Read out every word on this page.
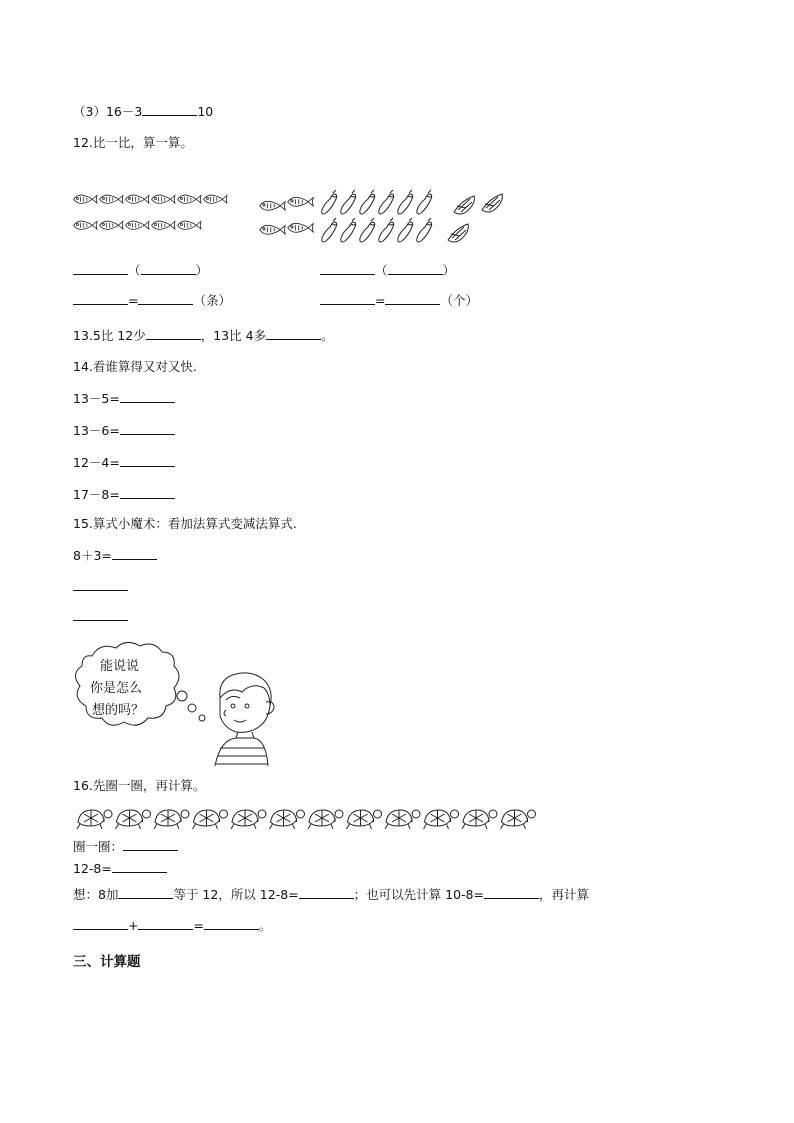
（3）16－3	10
12.比一比，算一算。
（	）	（	）
=	（条）	=	（个）
13.5比 12少	，13比 4多	。
14.看谁算得又对又快.
13－5=
13－6=
12－4=
17－8=
15.算式小魔术：看加法算式变减法算式.
8＋3=
能说说
你是怎么
想的吗？
16.先圈一圈，再计算。
圈一圈：
12-8=
想：8加	等于 12，所以 12-8=	；也可以先计算 10-8=	，再计算
+	=	。
三、计算题
